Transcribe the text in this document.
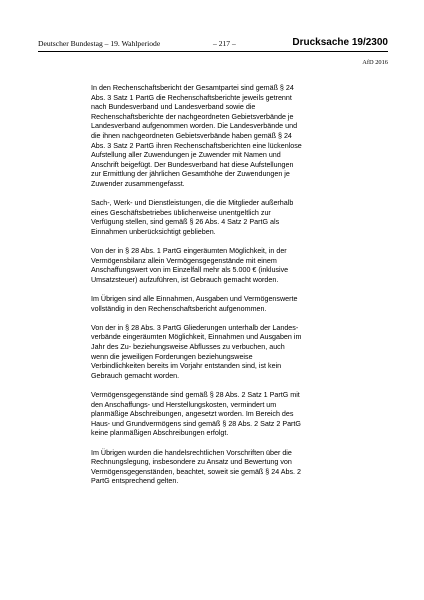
Deutscher Bundestag – 19. Wahlperiode	– 217 –	Drucksache 19/2300
AfD 2016

In den Rechenschaftsbericht der Gesamtpartei sind gemäß § 24
Abs. 3 Satz 1 PartG die Rechenschaftsberichte jeweils getrennt
nach Bundesverband und Landesverband sowie die
Rechenschaftsberichte der nachgeordneten Gebietsverbände je
Landesverband aufgenommen worden. Die Landesverbände und
die ihnen nachgeordneten Gebietsverbände haben gemäß § 24
Abs. 3 Satz 2 PartG ihren Rechenschaftsberichten eine lückenlose
Aufstellung aller Zuwendungen je Zuwender mit Namen und
Anschrift beigefügt. Der Bundesverband hat diese Aufstellungen
zur Ermittlung der jährlichen Gesamthöhe der Zuwendungen je
Zuwender zusammengefasst.

Sach-, Werk- und Dienstleistungen, die die Mitglieder außerhalb
eines Geschäftsbetriebes üblicherweise unentgeltlich zur
Verfügung stellen, sind gemäß § 26 Abs. 4 Satz 2 PartG als
Einnahmen unberücksichtigt geblieben.

Von der in § 28 Abs. 1 PartG eingeräumten Möglichkeit, in der
Vermögensbilanz allein Vermögensgegenstände mit einem
Anschaffungswert von im Einzelfall mehr als 5.000 € (inklusive
Umsatzsteuer) aufzuführen, ist Gebrauch gemacht worden.

Im Übrigen sind alle Einnahmen, Ausgaben und Vermögenswerte
vollständig in den Rechenschaftsbericht aufgenommen.

Von der in § 28 Abs. 3 PartG Gliederungen unterhalb der Landes-
verbände eingeräumten Möglichkeit, Einnahmen und Ausgaben im
Jahr des Zu- beziehungsweise Abflusses zu verbuchen, auch
wenn die jeweiligen Forderungen beziehungsweise
Verbindlichkeiten bereits im Vorjahr entstanden sind, ist kein
Gebrauch gemacht worden.

Vermögensgegenstände sind gemäß § 28 Abs. 2 Satz 1 PartG mit
den Anschaffungs- und Herstellungskosten, vermindert um
planmäßige Abschreibungen, angesetzt worden. Im Bereich des
Haus- und Grundvermögens sind gemäß § 28 Abs. 2 Satz 2 PartG
keine planmäßigen Abschreibungen erfolgt.

Im Übrigen wurden die handelsrechtlichen Vorschriften über die
Rechnungslegung, insbesondere zu Ansatz und Bewertung von
Vermögensgegenständen, beachtet, soweit sie gemäß § 24 Abs. 2
PartG entsprechend gelten.
